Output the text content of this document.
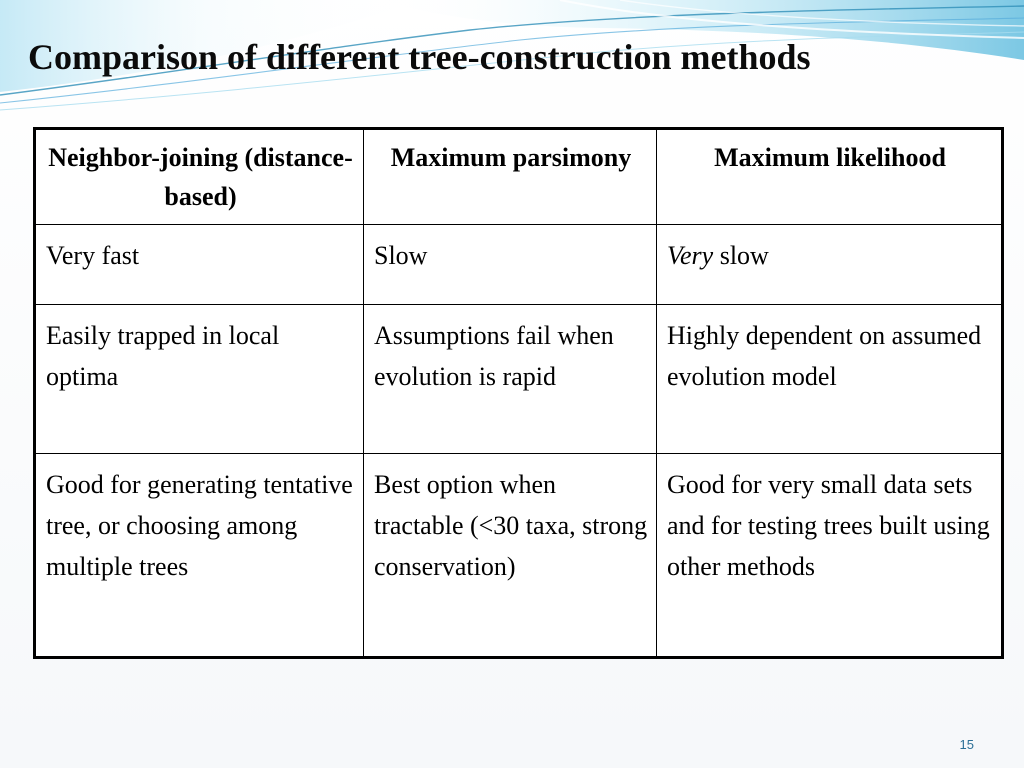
Comparison of different tree-construction methods
Neighbor-joining (distance-based)	Maximum parsimony	Maximum likelihood
Very fast	Slow	Very slow
Easily trapped in local optima	Assumptions fail when evolution is rapid	Highly dependent on assumed evolution model
Good for generating tentative tree, or choosing among multiple trees	Best option when tractable (<30 taxa, strong conservation)	Good for very small data sets and for testing trees built using other methods
15
